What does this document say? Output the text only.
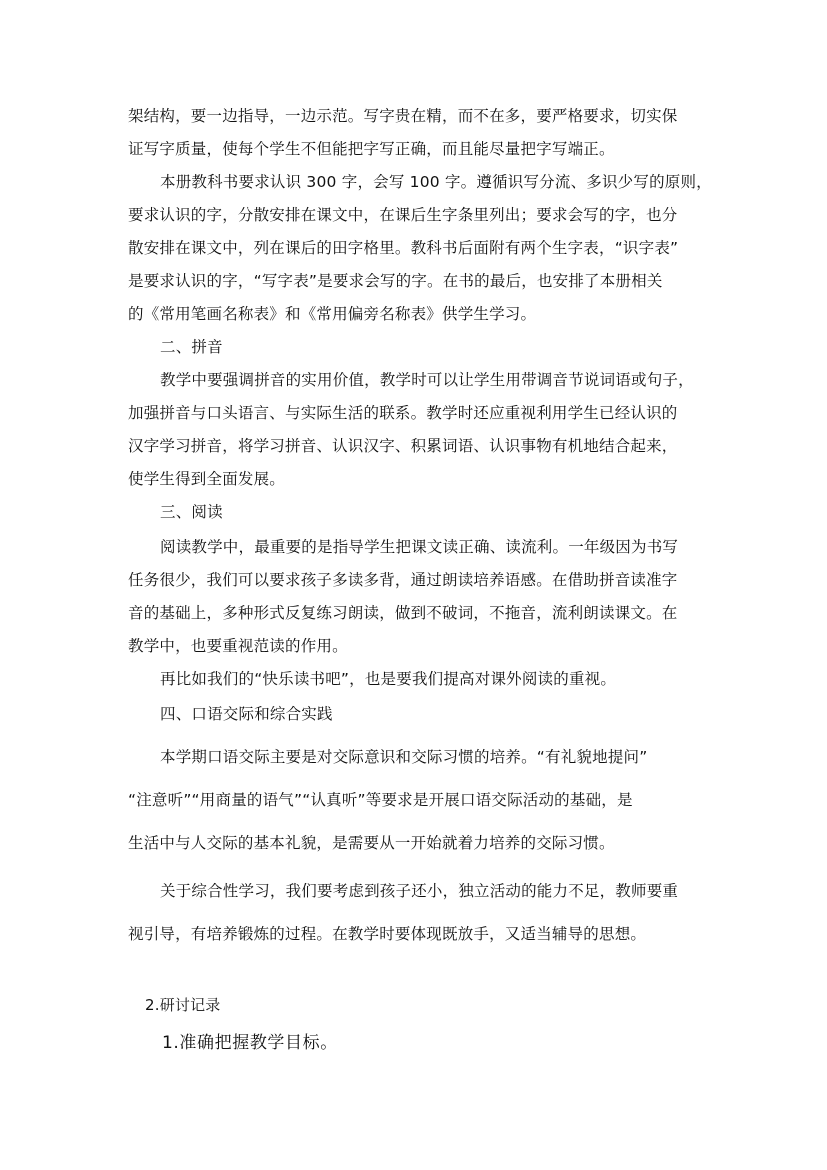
架结构，要一边指导，一边示范。写字贵在精，而不在多，要严格要求，切实保
证写字质量，使每个学生不但能把字写正确，而且能尽量把字写端正。
本册教科书要求认识 300 字，会写 100 字。遵循识写分流、多识少写的原则，
要求认识的字，分散安排在课文中，在课后生字条里列出；要求会写的字，也分
散安排在课文中，列在课后的田字格里。教科书后面附有两个生字表，“识字表”
是要求认识的字，“写字表”是要求会写的字。在书的最后，也安排了本册相关
的《常用笔画名称表》和《常用偏旁名称表》供学生学习。
二、拼音
教学中要强调拼音的实用价值，教学时可以让学生用带调音节说词语或句子，
加强拼音与口头语言、与实际生活的联系。教学时还应重视利用学生已经认识的
汉字学习拼音，将学习拼音、认识汉字、积累词语、认识事物有机地结合起来，
使学生得到全面发展。
三、阅读
阅读教学中，最重要的是指导学生把课文读正确、读流利。一年级因为书写
任务很少，我们可以要求孩子多读多背，通过朗读培养语感。在借助拼音读准字
音的基础上，多种形式反复练习朗读，做到不破词，不拖音，流利朗读课文。在
教学中，也要重视范读的作用。
再比如我们的“快乐读书吧”，也是要我们提高对课外阅读的重视。
四、口语交际和综合实践
本学期口语交际主要是对交际意识和交际习惯的培养。“有礼貌地提问”
“注意听”“用商量的语气”“认真听”等要求是开展口语交际活动的基础，是
生活中与人交际的基本礼貌，是需要从一开始就着力培养的交际习惯。
关于综合性学习，我们要考虑到孩子还小，独立活动的能力不足，教师要重
视引导，有培养锻炼的过程。在教学时要体现既放手，又适当辅导的思想。
2.研讨记录
1.准确把握教学目标。
